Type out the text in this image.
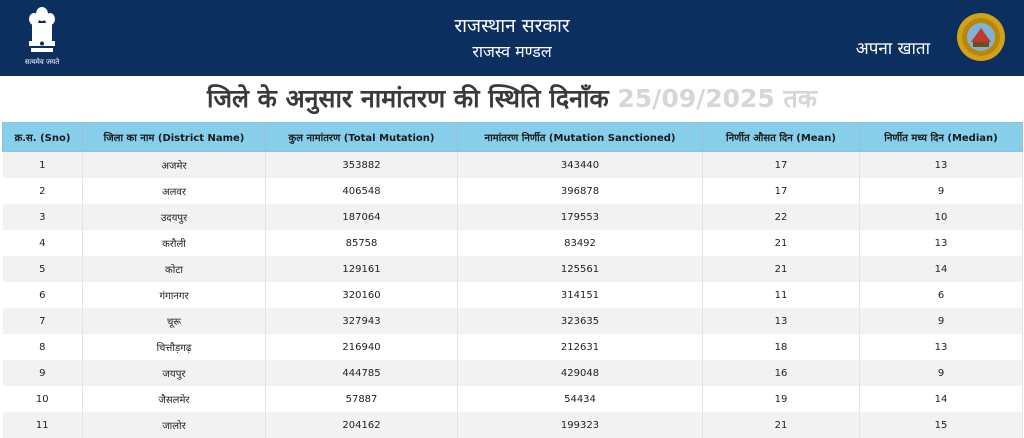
सत्यमेव जयते
राजस्थान सरकार
राजस्व मण्डल	अपना खाता
जिले के अनुसार नामांतरण की स्थिति दिनाँक 25/09/2025 तक
क्र.स. (Sno)	जिला का नाम (District Name)	कुल नामांतरण (Total Mutation)	नामांतरण निर्णीत (Mutation Sanctioned)	निर्णीत औसत दिन (Mean)	निर्णीत मध्य दिन (Median)
1	अजमेर	353882	343440	17	13
2	अलवर	406548	396878	17	9
3	उदयपुर	187064	179553	22	10
4	करौली	85758	83492	21	13
5	कोटा	129161	125561	21	14
6	गंगानगर	320160	314151	11	6
7	चूरू	327943	323635	13	9
8	चित्तौड़गढ़	216940	212631	18	13
9	जयपुर	444785	429048	16	9
10	जैसलमेर	57887	54434	19	14
11	जालोर	204162	199323	21	15
